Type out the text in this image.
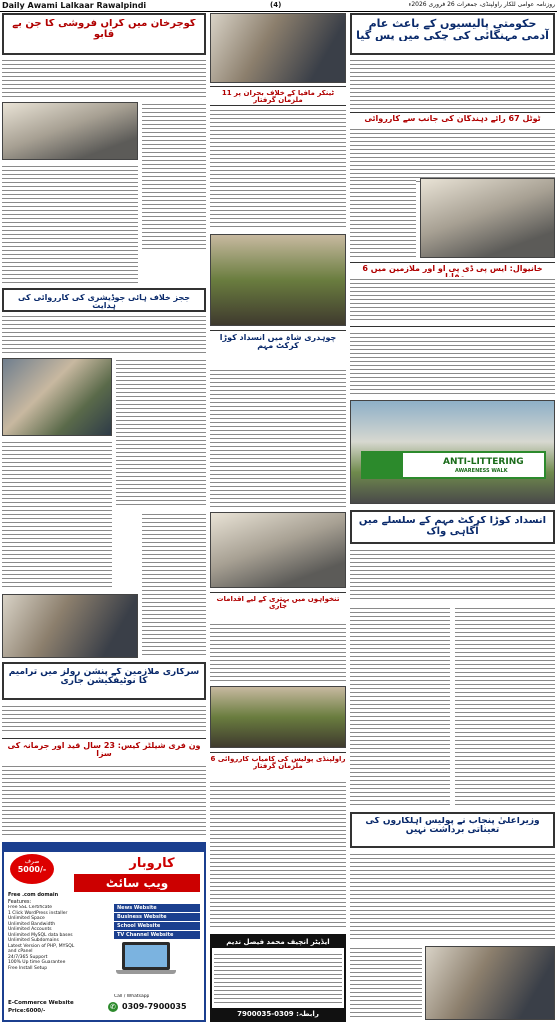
Daily Awami Lalkaar Rawalpindi	(4)	روزنامہ عوامی للکار راولپنڈی، جمعرات 26 فروری 2026ء
حکومتی پالیسیوں کے باعث عام آدمی مہنگائی کی چکی میں پس گیا
ٹوٹل 67 رائے دہندگان کی جانب سے کارروائی
خانیوال: ایس پی ڈی پی او اور ملازمین میں 6
ANTI-LITTERING
AWARENESS WALK
انسداد کوڑا کرکٹ مہم کے سلسلے میں آگاہی واک
وزیراعلیٰ پنجاب نے پولیس اہلکاروں کی تعیناتی برداشت نہیں
ٹینکر مافیا کے خلاف بحران پر 11 ملزمان گرفتار
چوہدری شاہ میں انسداد کوڑا کرکٹ مہم
تنخواہوں میں بہتری کے لیے اقدامات جاری
راولپنڈی پولیس کی کامیاب کارروائی 6 ملزمان گرفتار
ایڈیٹر انچیف محمد فیصل ندیم
رابطہ: 0309-7900035
گوجرخان میں گراں فروشی کا جن بے قابو
ججز خلاف ہائی جوڈیشری کی کارروائی کی ہدایت
سرکاری ملازمین کے پنشن رولز میں ترامیم کا نوٹیفکیشن جاری
ون فری شیلٹر کیس: 23 سال قید اور جرمانہ کی سزا
صرف
5000/-	کاروبار
ویب سائٹ
Free .com domain
Features:
Free SSL Certificate
1 Click WordPress installer
Unlimited Space
Unlimited Bandwidth
Unlimited Accounts
Unlimited MySQL data bases
Unlimited Subdomains
Latest Version of PHP, MYSQL
and cPanel
24/7/365 Support
100% Up time Guarantee
Free Install Setup
News Website
Business Website
School Website
TV Channel Website
E-Commerce Website
Price:6000/-
Call / Whatsapp
✆ 0309-7900035
